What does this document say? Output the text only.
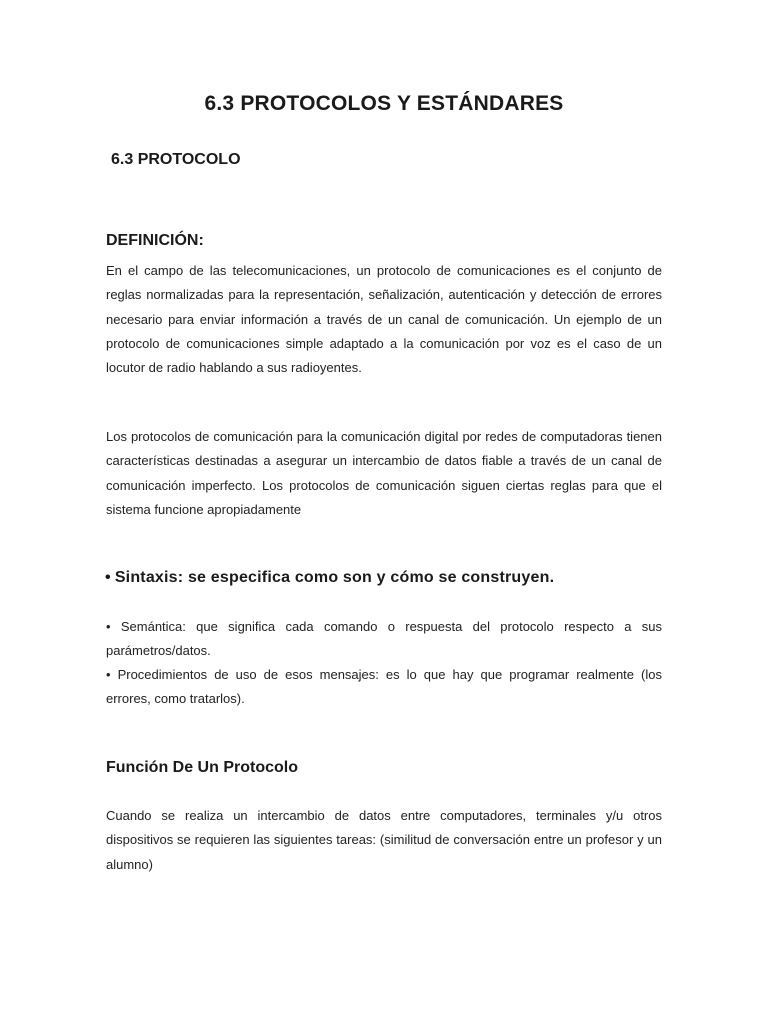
6.3 PROTOCOLOS Y ESTÁNDARES
6.3 PROTOCOLO
DEFINICIÓN:

En el campo de las telecomunicaciones, un protocolo de comunicaciones es el conjunto de reglas normalizadas para la representación, señalización, autenticación y detección de errores necesario para enviar información a través de un canal de comunicación. Un ejemplo de un protocolo de comunicaciones simple adaptado a la comunicación por voz es el caso de un locutor de radio hablando a sus radioyentes.

Los protocolos de comunicación para la comunicación digital por redes de computadoras tienen características destinadas a asegurar un intercambio de datos fiable a través de un canal de comunicación imperfecto. Los protocolos de comunicación siguen ciertas reglas para que el sistema funcione apropiadamente

• Sintaxis: se especifica como son y cómo se construyen.

• Semántica: que significa cada comando o respuesta del protocolo respecto a sus parámetros/datos.

• Procedimientos de uso de esos mensajes: es lo que hay que programar realmente (los errores, como tratarlos).

Función De Un Protocolo

Cuando se realiza un intercambio de datos entre computadores, terminales y/u otros dispositivos se requieren las siguientes tareas: (similitud de conversación entre un profesor y un alumno)
